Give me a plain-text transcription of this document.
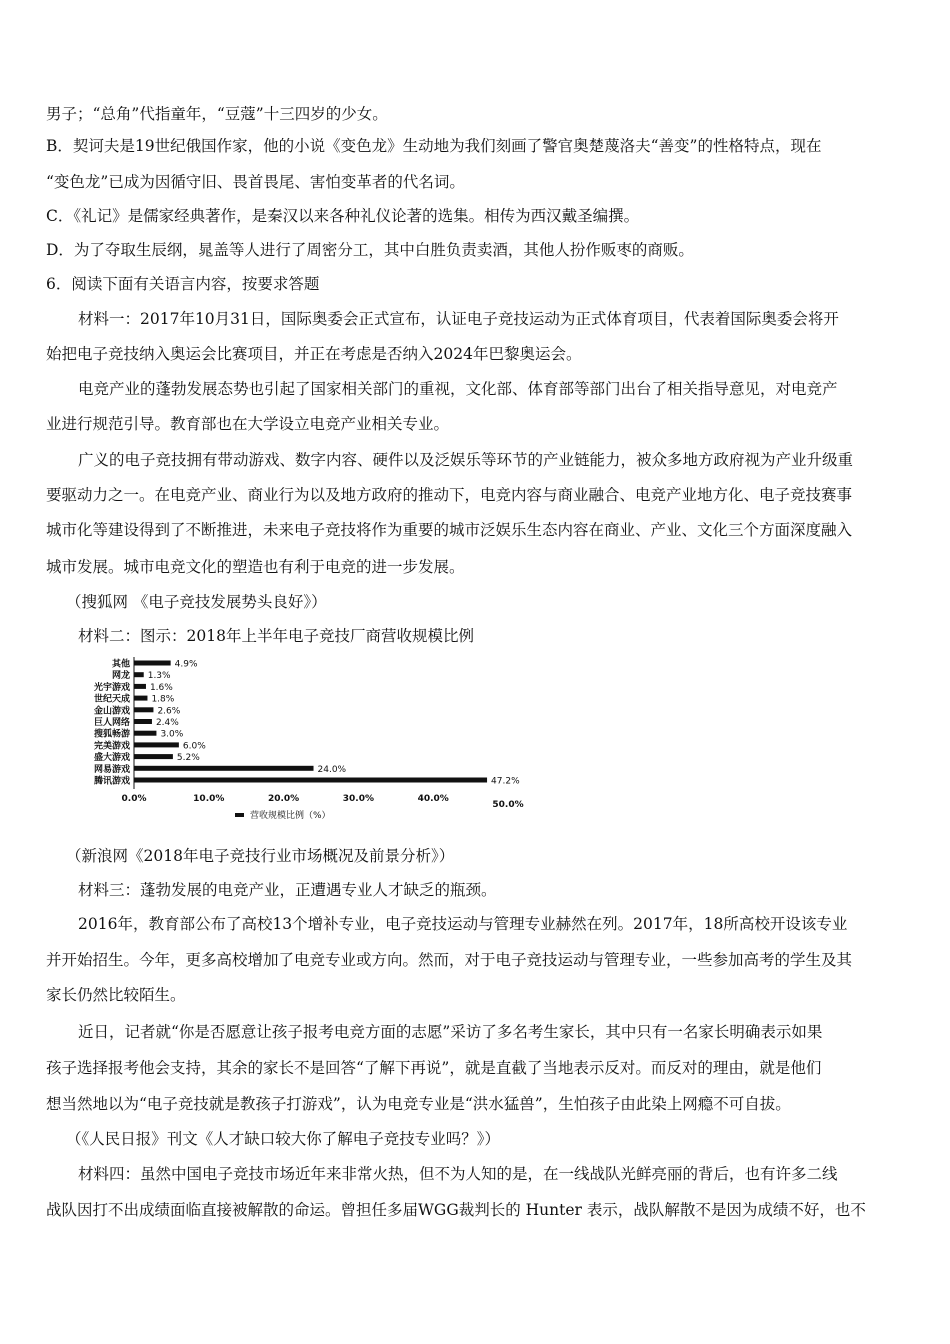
男子；“总角”代指童年，“豆蔻”十三四岁的少女。
B．契诃夫是19世纪俄国作家，他的小说《变色龙》生动地为我们刻画了警官奥楚蔑洛夫“善变”的性格特点，现在
“变色龙”已成为因循守旧、畏首畏尾、害怕变革者的代名词。
C．《礼记》是儒家经典著作，是秦汉以来各种礼仪论著的选集。相传为西汉戴圣编撰。
D．为了夺取生辰纲，晁盖等人进行了周密分工，其中白胜负责卖酒，其他人扮作贩枣的商贩。
6．阅读下面有关语言内容，按要求答题
材料一：2017年10月31日，国际奥委会正式宣布，认证电子竞技运动为正式体育项目，代表着国际奥委会将开
始把电子竞技纳入奥运会比赛项目，并正在考虑是否纳入2024年巴黎奥运会。
电竞产业的蓬勃发展态势也引起了国家相关部门的重视，文化部、体育部等部门出台了相关指导意见，对电竞产
业进行规范引导。教育部也在大学设立电竞产业相关专业。
广义的电子竞技拥有带动游戏、数字内容、硬件以及泛娱乐等环节的产业链能力，被众多地方政府视为产业升级重
要驱动力之一。在电竞产业、商业行为以及地方政府的推动下，电竞内容与商业融合、电竞产业地方化、电子竞技赛事
城市化等建设得到了不断推进，未来电子竞技将作为重要的城市泛娱乐生态内容在商业、产业、文化三个方面深度融入
城市发展。城市电竞文化的塑造也有利于电竞的进一步发展。
（搜狐网 《电子竞技发展势头良好》）
材料二：图示：2018年上半年电子竞技厂商营收规模比例
其他
网龙
光宇游戏
世纪天成
金山游戏
巨人网络
搜狐畅游
完美游戏
盛大游戏
网易游戏
腾讯游戏
4.9%
1.3%
1.6%
1.8%
2.6%
2.4%
3.0%
6.0%
5.2%
24.0%
47.2%
0.0%	10.0%	20.0%	30.0%	40.0%
50.0%
营收规模比例（%）
（新浪网《2018年电子竞技行业市场概况及前景分析》）
材料三：蓬勃发展的电竞产业，正遭遇专业人才缺乏的瓶颈。
2016年，教育部公布了高校13个增补专业，电子竞技运动与管理专业赫然在列。2017年，18所高校开设该专业
并开始招生。今年，更多高校增加了电竞专业或方向。然而，对于电子竞技运动与管理专业，一些参加高考的学生及其
家长仍然比较陌生。
近日，记者就“你是否愿意让孩子报考电竞方面的志愿”采访了多名考生家长，其中只有一名家长明确表示如果
孩子选择报考他会支持，其余的家长不是回答“了解下再说”，就是直截了当地表示反对。而反对的理由，就是他们
想当然地以为“电子竞技就是教孩子打游戏”，认为电竞专业是“洪水猛兽”，生怕孩子由此染上网瘾不可自拔。
（《人民日报》刊文《人才缺口较大你了解电子竞技专业吗？》）
材料四：虽然中国电子竞技市场近年来非常火热，但不为人知的是，在一线战队光鲜亮丽的背后，也有许多二线
战队因打不出成绩面临直接被解散的命运。曾担任多届WGG裁判长的 Hunter 表示，战队解散不是因为成绩不好，也不
